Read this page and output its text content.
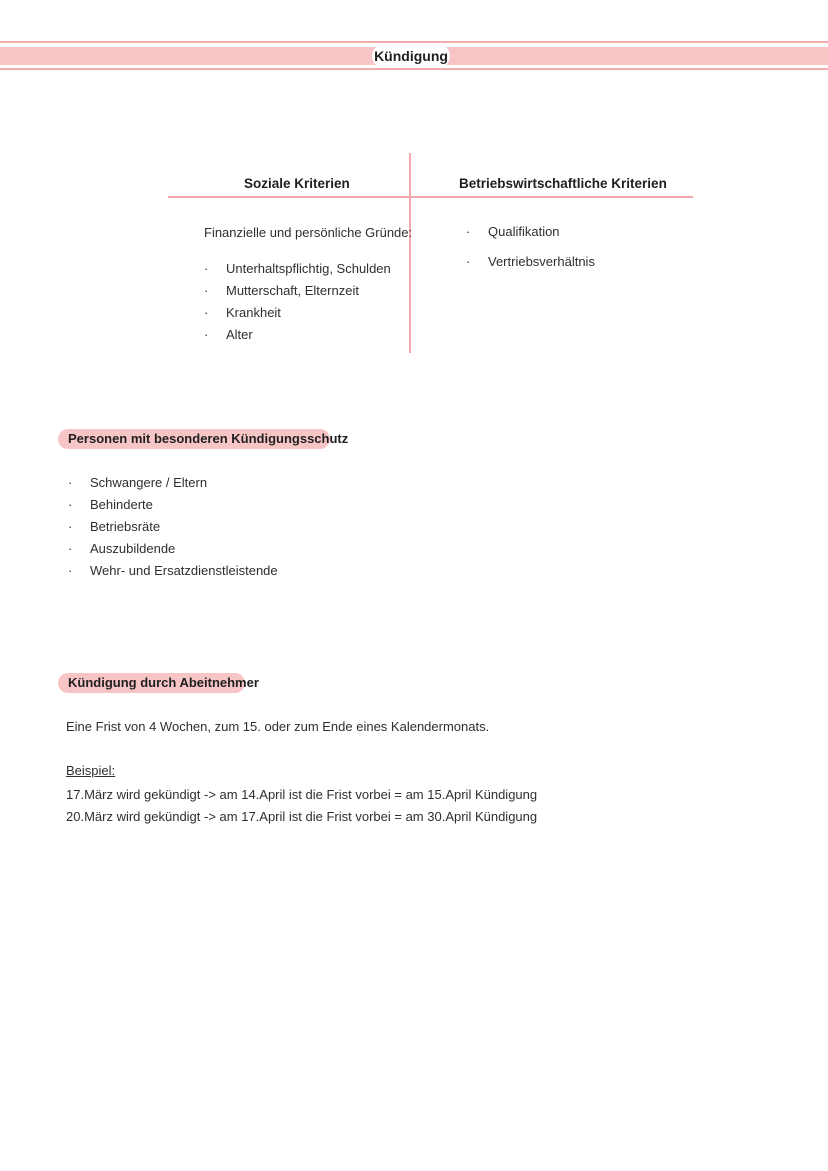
Kündigung
Soziale Kriterien	Betriebswirtschaftliche Kriterien
Finanzielle und persönliche Gründe:
· Unterhaltspflichtig, Schulden
· Mutterschaft, Elternzeit
· Krankheit
· Alter
· Qualifikation
· Vertriebsverhältnis
Personen mit besonderen Kündigungsschutz
· Schwangere / Eltern
· Behinderte
· Betriebsräte
· Auszubildende
· Wehr- und Ersatzdienstleistende
Kündigung durch Abeitnehmer
Eine Frist von 4 Wochen, zum 15. oder zum Ende eines Kalendermonats.
Beispiel:
17.März wird gekündigt -> am 14.April ist die Frist vorbei = am 15.April Kündigung
20.März wird gekündigt -> am 17.April ist die Frist vorbei = am 30.April Kündigung
